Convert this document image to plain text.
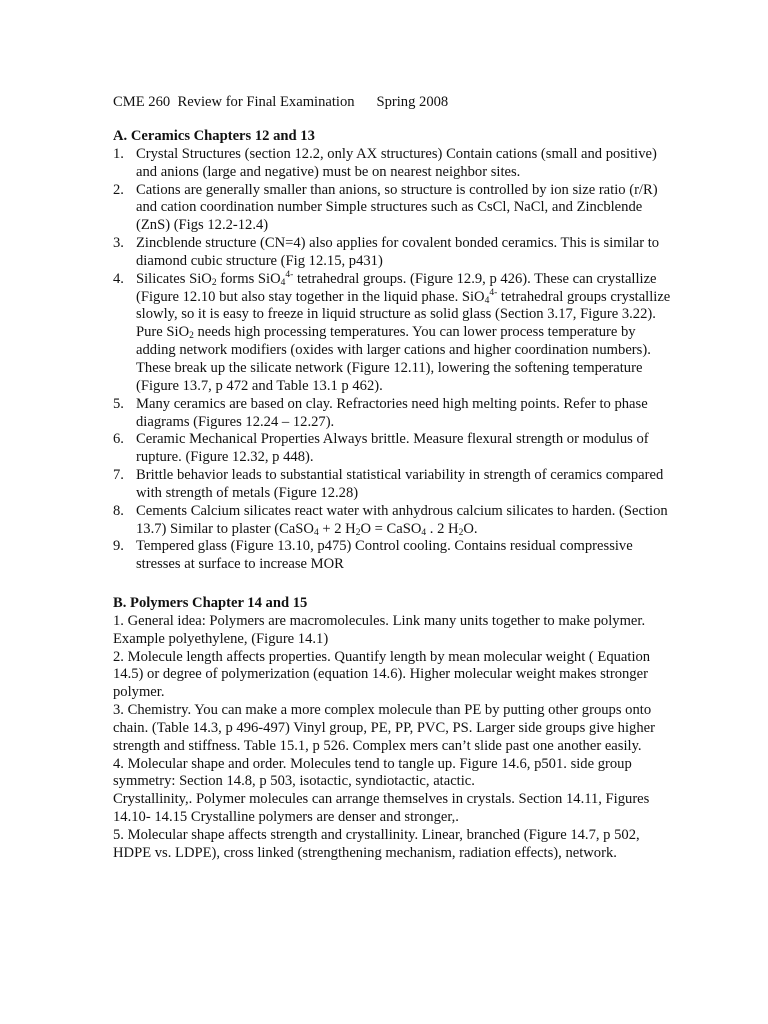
CME 260  Review for Final Examination Spring 2008
A. Ceramics Chapters 12 and 13
1. Crystal Structures (section 12.2, only AX structures) Contain cations (small and positive) and anions (large and negative) must be on nearest neighbor sites.
2. Cations are generally smaller than anions, so structure is controlled by ion size ratio (r/R) and cation coordination number Simple structures such as CsCl, NaCl, and Zincblende (ZnS) (Figs 12.2-12.4)
3. Zincblende structure (CN=4) also applies for covalent bonded ceramics. This is similar to diamond cubic structure (Fig 12.15, p431)
4. Silicates SiO$_2$ forms SiO$_4^{4-}$ tetrahedral groups. (Figure 12.9, p 426). These can crystallize (Figure 12.10 but also stay together in the liquid phase. SiO$_4^{4-}$ tetrahedral groups crystallize slowly, so it is easy to freeze in liquid structure as solid glass (Section 3.17, Figure 3.22). Pure SiO$_2$ needs high processing temperatures. You can lower process temperature by adding network modifiers (oxides with larger cations and higher coordination numbers). These break up the silicate network (Figure 12.11), lowering the softening temperature (Figure 13.7, p 472 and Table 13.1 p 462).
5. Many ceramics are based on clay. Refractories need high melting points. Refer to phase diagrams (Figures 12.24 – 12.27).
6. Ceramic Mechanical Properties Always brittle. Measure flexural strength or modulus of rupture. (Figure 12.32, p 448).
7. Brittle behavior leads to substantial statistical variability in strength of ceramics compared with strength of metals (Figure 12.28)
8. Cements Calcium silicates react water with anhydrous calcium silicates to harden. (Section 13.7) Similar to plaster (CaSO$_4$ + 2 $H_2O$ = CaSO$_4$ . 2 $H_2O$.
9. Tempered glass (Figure 13.10, p475) Control cooling. Contains residual compressive stresses at surface to increase MOR
B. Polymers Chapter 14 and 15

1. General idea: Polymers are macromolecules. Link many units together to make polymer. Example polyethylene, (Figure 14.1)

2. Molecule length affects properties. Quantify length by mean molecular weight ( Equation 14.5) or degree of polymerization (equation 14.6). Higher molecular weight makes stronger polymer.

3. Chemistry. You can make a more complex molecule than PE by putting other groups onto chain. (Table 14.3, p 496-497) Vinyl group, PE, PP, PVC, PS. Larger side groups give higher strength and stiffness. Table 15.1, p 526. Complex mers can’t slide past one another easily.

4. Molecular shape and order. Molecules tend to tangle up. Figure 14.6, p501. side group symmetry: Section 14.8, p 503, isotactic, syndiotactic, atactic.

Crystallinity,. Polymer molecules can arrange themselves in crystals. Section 14.11, Figures 14.10- 14.15 Crystalline polymers are denser and stronger,.

5. Molecular shape affects strength and crystallinity. Linear, branched (Figure 14.7, p 502, HDPE vs. LDPE), cross linked (strengthening mechanism, radiation effects), network.
